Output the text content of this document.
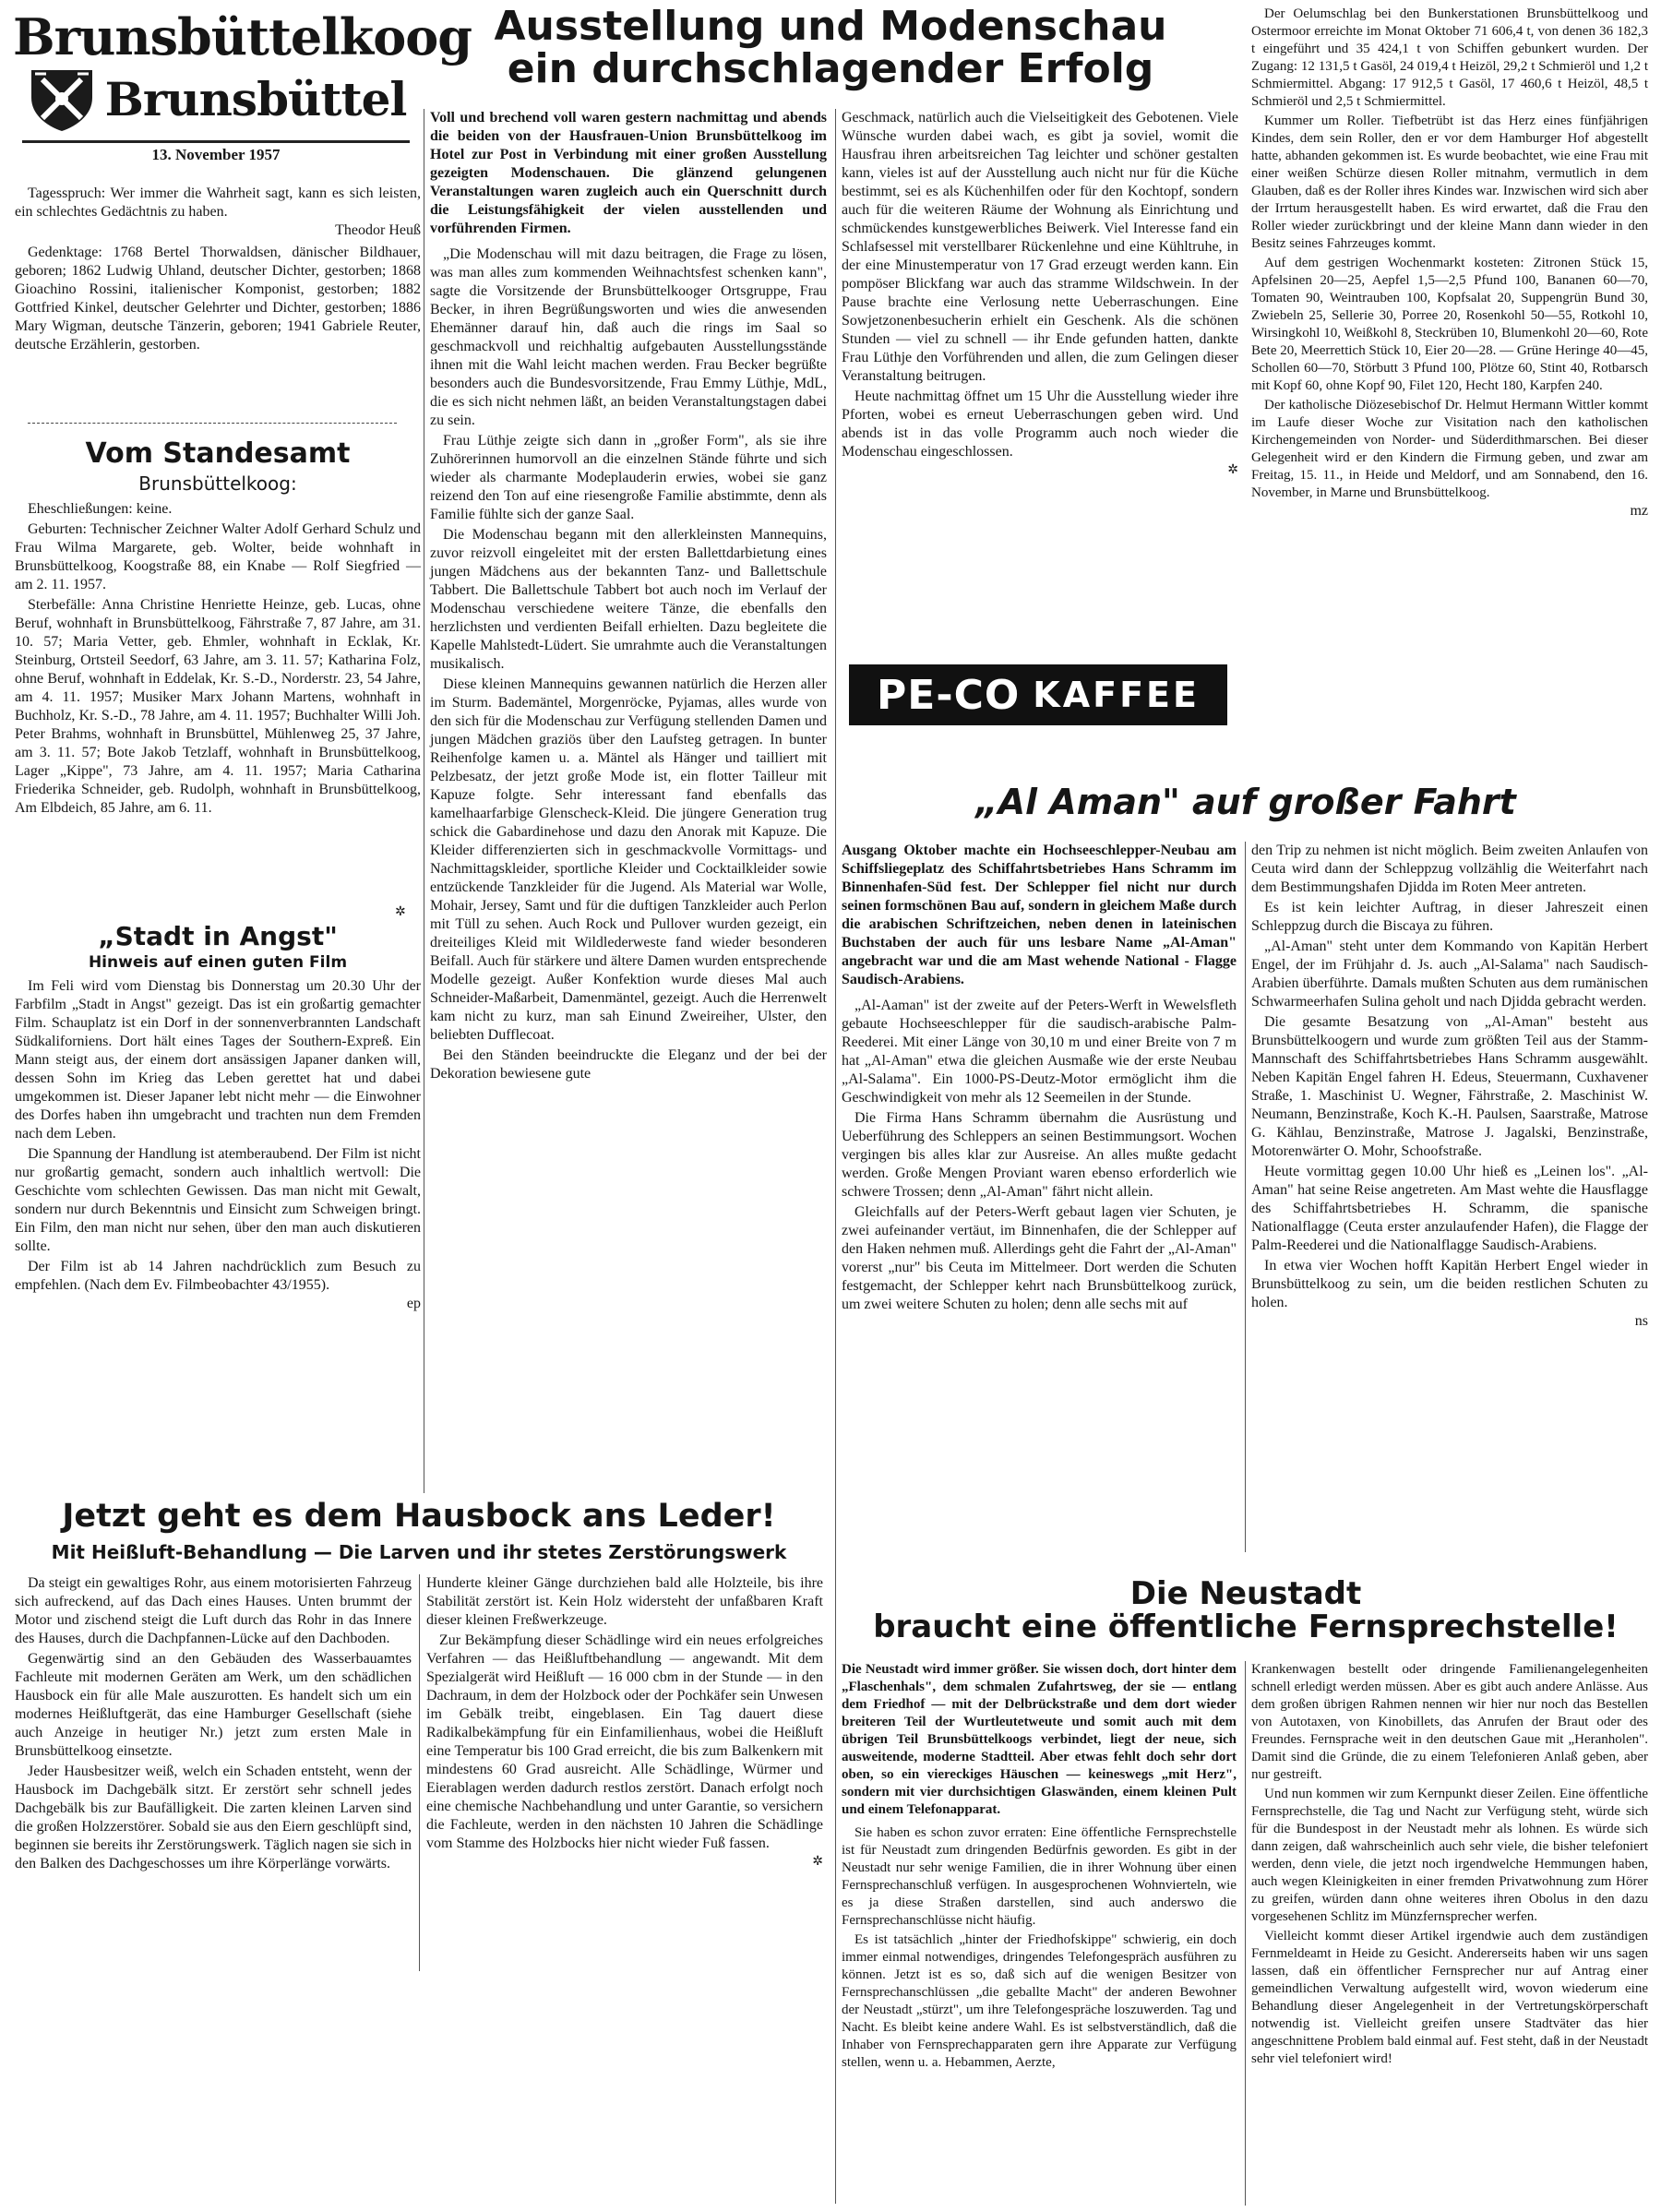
Brunsbüttelkoog
Brunsbüttel
13. November 1957

Tagesspruch: Wer immer die Wahrheit sagt, kann es sich leisten, ein schlechtes Gedächtnis zu haben.

Theodor Heuß

Gedenktage: 1768 Bertel Thorwaldsen, dänischer Bildhauer, geboren; 1862 Ludwig Uhland, deutscher Dichter, gestorben; 1868 Gioachino Rossini, italienischer Komponist, gestorben; 1882 Gottfried Kinkel, deutscher Gelehrter und Dichter, gestorben; 1886 Mary Wigman, deutsche Tänzerin, geboren; 1941 Gabriele Reuter, deutsche Erzählerin, gestorben.

Vom Standesamt
Brunsbüttelkoog:

Eheschließungen: keine.

Geburten: Technischer Zeichner Walter Adolf Gerhard Schulz und Frau Wilma Margarete, geb. Wolter, beide wohnhaft in Brunsbüttelkoog, Koogstraße 88, ein Knabe — Rolf Siegfried — am 2. 11. 1957.

Sterbefälle: Anna Christine Henriette Heinze, geb. Lucas, ohne Beruf, wohnhaft in Brunsbüttelkoog, Fährstraße 7, 87 Jahre, am 31. 10. 57; Maria Vetter, geb. Ehmler, wohnhaft in Ecklak, Kr. Steinburg, Ortsteil Seedorf, 63 Jahre, am 3. 11. 57; Katharina Folz, ohne Beruf, wohnhaft in Eddelak, Kr. S.-D., Norderstr. 23, 54 Jahre, am 4. 11. 1957; Musiker Marx Johann Martens, wohnhaft in Buchholz, Kr. S.-D., 78 Jahre, am 4. 11. 1957; Buchhalter Willi Joh. Peter Brahms, wohnhaft in Brunsbüttel, Mühlenweg 25, 37 Jahre, am 3. 11. 57; Bote Jakob Tetzlaff, wohnhaft in Brunsbüttelkoog, Lager „Kippe", 73 Jahre, am 4. 11. 1957; Maria Catharina Friederika Schneider, geb. Rudolph, wohnhaft in Brunsbüttelkoog, Am Elbdeich, 85 Jahre, am 6. 11.

✲
„Stadt in Angst"
Hinweis auf einen guten Film

Im Feli wird vom Dienstag bis Donnerstag um 20.30 Uhr der Farbfilm „Stadt in Angst" gezeigt. Das ist ein großartig gemachter Film. Schauplatz ist ein Dorf in der sonnenverbrannten Landschaft Südkaliforniens. Dort hält eines Tages der Southern-Expreß. Ein Mann steigt aus, der einem dort ansässigen Japaner danken will, dessen Sohn im Krieg das Leben gerettet hat und dabei umgekommen ist. Dieser Japaner lebt nicht mehr — die Einwohner des Dorfes haben ihn umgebracht und trachten nun dem Fremden nach dem Leben.

Die Spannung der Handlung ist atemberaubend. Der Film ist nicht nur großartig gemacht, sondern auch inhaltlich wertvoll: Die Geschichte vom schlechten Gewissen. Das man nicht mit Gewalt, sondern nur durch Bekenntnis und Einsicht zum Schweigen bringt. Ein Film, den man nicht nur sehen, über den man auch diskutieren sollte.

Der Film ist ab 14 Jahren nachdrücklich zum Besuch zu empfehlen. (Nach dem Ev. Filmbeobachter 43/1955).

ep
Ausstellung und Modenschau
ein durchschlagender Erfolg

Voll und brechend voll waren gestern nachmittag und abends die beiden von der Hausfrauen-Union Brunsbüttelkoog im Hotel zur Post in Verbindung mit einer großen Ausstellung gezeigten Modenschauen. Die glänzend gelungenen Veranstaltungen waren zugleich auch ein Querschnitt durch die Leistungsfähigkeit der vielen ausstellenden und vorführenden Firmen.

„Die Modenschau will mit dazu beitragen, die Frage zu lösen, was man alles zum kommenden Weihnachtsfest schenken kann", sagte die Vorsitzende der Brunsbüttelkooger Ortsgruppe, Frau Becker, in ihren Begrüßungsworten und wies die anwesenden Ehemänner darauf hin, daß auch die rings im Saal so geschmackvoll und reichhaltig aufgebauten Ausstellungsstände ihnen mit die Wahl leicht machen werden. Frau Becker begrüßte besonders auch die Bundesvorsitzende, Frau Emmy Lüthje, MdL, die es sich nicht nehmen läßt, an beiden Veranstaltungstagen dabei zu sein.

Frau Lüthje zeigte sich dann in „großer Form", als sie ihre Zuhörerinnen humorvoll an die einzelnen Stände führte und sich wieder als charmante Modeplauderin erwies, wobei sie ganz reizend den Ton auf eine riesengroße Familie abstimmte, denn als Familie fühlte sich der ganze Saal.

Die Modenschau begann mit den allerkleinsten Mannequins, zuvor reizvoll eingeleitet mit der ersten Ballettdarbietung eines jungen Mädchens aus der bekannten Tanz- und Ballettschule Tabbert. Die Ballettschule Tabbert bot auch noch im Verlauf der Modenschau verschiedene weitere Tänze, die ebenfalls den herzlichsten und verdienten Beifall erhielten. Dazu begleitete die Kapelle Mahlstedt-Lüdert. Sie umrahmte auch die Veranstaltungen musikalisch.

Diese kleinen Mannequins gewannen natürlich die Herzen aller im Sturm. Bademäntel, Morgenröcke, Pyjamas, alles wurde von den sich für die Modenschau zur Verfügung stellenden Damen und jungen Mädchen graziös über den Laufsteg getragen. In bunter Reihenfolge kamen u. a. Mäntel als Hänger und tailliert mit Pelzbesatz, der jetzt große Mode ist, ein flotter Tailleur mit Kapuze folgte. Sehr interessant fand ebenfalls das kamelhaarfarbige Glenscheck-Kleid. Die jüngere Generation trug schick die Gabardinehose und dazu den Anorak mit Kapuze. Die Kleider differenzierten sich in geschmackvolle Vormittags- und Nachmittagskleider, sportliche Kleider und Cocktailkleider sowie entzückende Tanzkleider für die Jugend. Als Material war Wolle, Mohair, Jersey, Samt und für die duftigen Tanzkleider auch Perlon mit Tüll zu sehen. Auch Rock und Pullover wurden gezeigt, ein dreiteiliges Kleid mit Wildlederweste fand wieder besonderen Beifall. Auch für stärkere und ältere Damen wurden entsprechende Modelle gezeigt. Außer Konfektion wurde dieses Mal auch Schneider-Maßarbeit, Damenmäntel, gezeigt. Auch die Herrenwelt kam nicht zu kurz, man sah Einund Zweireiher, Ulster, den beliebten Dufflecoat.

Bei den Ständen beeindruckte die Eleganz und der bei der Dekoration bewiesene gute

Geschmack, natürlich auch die Vielseitigkeit des Gebotenen. Viele Wünsche wurden dabei wach, es gibt ja soviel, womit die Hausfrau ihren arbeitsreichen Tag leichter und schöner gestalten kann, vieles ist auf der Ausstellung auch nicht nur für die Küche bestimmt, sei es als Küchenhilfen oder für den Kochtopf, sondern auch für die weiteren Räume der Wohnung als Einrichtung und schmückendes kunstgewerbliches Beiwerk. Viel Interesse fand ein Schlafsessel mit verstellbarer Rückenlehne und eine Kühltruhe, in der eine Minustemperatur von 17 Grad erzeugt werden kann. Ein pompöser Blickfang war auch das stramme Wildschwein. In der Pause brachte eine Verlosung nette Ueberraschungen. Eine Sowjetzonenbesucherin erhielt ein Geschenk. Als die schönen Stunden — viel zu schnell — ihr Ende gefunden hatten, dankte Frau Lüthje den Vorführenden und allen, die zum Gelingen dieser Veranstaltung beitrugen.

Heute nachmittag öffnet um 15 Uhr die Ausstellung wieder ihre Pforten, wobei es erneut Ueberraschungen geben wird. Und abends ist in das volle Programm auch noch wieder die Modenschau eingeschlossen.

✲

Der Oelumschlag bei den Bunkerstationen Brunsbüttelkoog und Ostermoor erreichte im Monat Oktober 71 606,4 t, von denen 36 182,3 t eingeführt und 35 424,1 t von Schiffen gebunkert wurden. Der Zugang: 12 131,5 t Gasöl, 24 019,4 t Heizöl, 29,2 t Schmieröl und 1,2 t Schmiermittel. Abgang: 17 912,5 t Gasöl, 17 460,6 t Heizöl, 48,5 t Schmieröl und 2,5 t Schmiermittel.

Kummer um Roller. Tiefbetrübt ist das Herz eines fünfjährigen Kindes, dem sein Roller, den er vor dem Hamburger Hof abgestellt hatte, abhanden gekommen ist. Es wurde beobachtet, wie eine Frau mit einer weißen Schürze diesen Roller mitnahm, vermutlich in dem Glauben, daß es der Roller ihres Kindes war. Inzwischen wird sich aber der Irrtum herausgestellt haben. Es wird erwartet, daß die Frau den Roller wieder zurückbringt und der kleine Mann dann wieder in den Besitz seines Fahrzeuges kommt.

Auf dem gestrigen Wochenmarkt kosteten: Zitronen Stück 15, Apfelsinen 20—25, Aepfel 1,5—2,5 Pfund 100, Bananen 60—70, Tomaten 90, Weintrauben 100, Kopfsalat 20, Suppengrün Bund 30, Zwiebeln 25, Sellerie 30, Porree 20, Rosenkohl 50—55, Rotkohl 10, Wirsingkohl 10, Weißkohl 8, Steckrüben 10, Blumenkohl 20—60, Rote Bete 20, Meerrettich Stück 10, Eier 20—28. — Grüne Heringe 40—45, Schollen 60—70, Störbutt 3 Pfund 100, Plötze 60, Stint 40, Rotbarsch mit Kopf 60, ohne Kopf 90, Filet 120, Hecht 180, Karpfen 240.

Der katholische Diözesebischof Dr. Helmut Hermann Wittler kommt im Laufe dieser Woche zur Visitation nach den katholischen Kirchengemeinden von Norder- und Süderdithmarschen. Bei dieser Gelegenheit wird er den Kindern die Firmung geben, und zwar am Freitag, 15. 11., in Heide und Meldorf, und am Sonnabend, den 16. November, in Marne und Brunsbüttelkoog.

mz
PE-CO KAFFEE
„Al Aman" auf großer Fahrt

Ausgang Oktober machte ein Hochseeschlepper-Neubau am Schiffsliegeplatz des Schiffahrtsbetriebes Hans Schramm im Binnenhafen-Süd fest. Der Schlepper fiel nicht nur durch seinen formschönen Bau auf, sondern in gleichem Maße durch die arabischen Schriftzeichen, neben denen in lateinischen Buchstaben der auch für uns lesbare Name „Al-Aman" angebracht war und die am Mast wehende National - Flagge Saudisch-Arabiens.

„Al-Aaman" ist der zweite auf der Peters-Werft in Wewelsfleth gebaute Hochseeschlepper für die saudisch-arabische Palm-Reederei. Mit einer Länge von 30,10 m und einer Breite von 7 m hat „Al-Aman" etwa die gleichen Ausmaße wie der erste Neubau „Al-Salama". Ein 1000-PS-Deutz-Motor ermöglicht ihm die Geschwindigkeit von mehr als 12 Seemeilen in der Stunde.

Die Firma Hans Schramm übernahm die Ausrüstung und Ueberführung des Schleppers an seinen Bestimmungsort. Wochen vergingen bis alles klar zur Ausreise. An alles mußte gedacht werden. Große Mengen Proviant waren ebenso erforderlich wie schwere Trossen; denn „Al-Aman" fährt nicht allein.

Gleichfalls auf der Peters-Werft gebaut lagen vier Schuten, je zwei aufeinander vertäut, im Binnenhafen, die der Schlepper auf den Haken nehmen muß. Allerdings geht die Fahrt der „Al-Aman" vorerst „nur" bis Ceuta im Mittelmeer. Dort werden die Schuten festgemacht, der Schlepper kehrt nach Brunsbüttelkoog zurück, um zwei weitere Schuten zu holen; denn alle sechs mit auf

den Trip zu nehmen ist nicht möglich. Beim zweiten Anlaufen von Ceuta wird dann der Schleppzug vollzählig die Weiterfahrt nach dem Bestimmungshafen Djidda im Roten Meer antreten.

Es ist kein leichter Auftrag, in dieser Jahreszeit einen Schleppzug durch die Biscaya zu führen.

„Al-Aman" steht unter dem Kommando von Kapitän Herbert Engel, der im Frühjahr d. Js. auch „Al-Salama" nach Saudisch-Arabien überführte. Damals mußten Schuten aus dem rumänischen Schwarmeerhafen Sulina geholt und nach Djidda gebracht werden.

Die gesamte Besatzung von „Al-Aman" besteht aus Brunsbüttelkoogern und wurde zum größten Teil aus der Stamm-Mannschaft des Schiffahrtsbetriebes Hans Schramm ausgewählt. Neben Kapitän Engel fahren H. Edeus, Steuermann, Cuxhavener Straße, 1. Maschinist U. Wegner, Fährstraße, 2. Maschinist W. Neumann, Benzinstraße, Koch K.-H. Paulsen, Saarstraße, Matrose G. Kählau, Benzinstraße, Matrose J. Jagalski, Benzinstraße, Motorenwärter O. Mohr, Schoofstraße.

Heute vormittag gegen 10.00 Uhr hieß es „Leinen los". „Al-Aman" hat seine Reise angetreten. Am Mast wehte die Hausflagge des Schiffahrtsbetriebes H. Schramm, die spanische Nationalflagge (Ceuta erster anzulaufender Hafen), die Flagge der Palm-Reederei und die Nationalflagge Saudisch-Arabiens.

In etwa vier Wochen hofft Kapitän Herbert Engel wieder in Brunsbüttelkoog zu sein, um die beiden restlichen Schuten zu holen.

ns
Jetzt geht es dem Hausbock ans Leder!
Mit Heißluft-Behandlung — Die Larven und ihr stetes Zerstörungswerk

Da steigt ein gewaltiges Rohr, aus einem motorisierten Fahrzeug sich aufreckend, auf das Dach eines Hauses. Unten brummt der Motor und zischend steigt die Luft durch das Rohr in das Innere des Hauses, durch die Dachpfannen-Lücke auf den Dachboden.

Gegenwärtig sind an den Gebäuden des Wasserbauamtes Fachleute mit modernen Geräten am Werk, um den schädlichen Hausbock ein für alle Male auszurotten. Es handelt sich um ein modernes Heißluftgerät, das eine Hamburger Gesellschaft (siehe auch Anzeige in heutiger Nr.) jetzt zum ersten Male in Brunsbüttelkoog einsetzte.

Jeder Hausbesitzer weiß, welch ein Schaden entsteht, wenn der Hausbock im Dachgebälk sitzt. Er zerstört sehr schnell jedes Dachgebälk bis zur Baufälligkeit. Die zarten kleinen Larven sind die großen Holzzerstörer. Sobald sie aus den Eiern geschlüpft sind, beginnen sie bereits ihr Zerstörungswerk. Täglich nagen sie sich in den Balken des Dachgeschosses um ihre Körperlänge vorwärts.

Hunderte kleiner Gänge durchziehen bald alle Holzteile, bis ihre Stabilität zerstört ist. Kein Holz widersteht der unfaßbaren Kraft dieser kleinen Freßwerkzeuge.

Zur Bekämpfung dieser Schädlinge wird ein neues erfolgreiches Verfahren — das Heißluftbehandlung — angewandt. Mit dem Spezialgerät wird Heißluft — 16 000 cbm in der Stunde — in den Dachraum, in dem der Holzbock oder der Pochkäfer sein Unwesen im Gebälk treibt, eingeblasen. Ein Tag dauert diese Radikalbekämpfung für ein Einfamilienhaus, wobei die Heißluft eine Temperatur bis 100 Grad erreicht, die bis zum Balkenkern mit mindestens 60 Grad ausreicht. Alle Schädlinge, Würmer und Eierablagen werden dadurch restlos zerstört. Danach erfolgt noch eine chemische Nachbehandlung und unter Garantie, so versichern die Fachleute, werden in den nächsten 10 Jahren die Schädlinge vom Stamme des Holzbocks hier nicht wieder Fuß fassen.

✲
Die Neustadt
braucht eine öffentliche Fernsprechstelle!

Die Neustadt wird immer größer. Sie wissen doch, dort hinter dem „Flaschenhals", dem schmalen Zufahrtsweg, der sie — entlang dem Friedhof — mit der Delbrückstraße und dem dort wieder breiteren Teil der Wurtleutetweute und somit auch mit dem übrigen Teil Brunsbüttelkoogs verbindet, liegt der neue, sich ausweitende, moderne Stadtteil. Aber etwas fehlt doch sehr dort oben, so ein viereckiges Häuschen — keineswegs „mit Herz", sondern mit vier durchsichtigen Glaswänden, einem kleinen Pult und einem Telefonapparat.

Sie haben es schon zuvor erraten: Eine öffentliche Fernsprechstelle ist für Neustadt zum dringenden Bedürfnis geworden. Es gibt in der Neustadt nur sehr wenige Familien, die in ihrer Wohnung über einen Fernsprechanschluß verfügen. In ausgesprochenen Wohnvierteln, wie es ja diese Straßen darstellen, sind auch anderswo die Fernsprechanschlüsse nicht häufig.

Es ist tatsächlich „hinter der Friedhofskippe" schwierig, ein doch immer einmal notwendiges, dringendes Telefongespräch ausführen zu können. Jetzt ist es so, daß sich auf die wenigen Besitzer von Fernsprechanschlüssen „die geballte Macht" der anderen Bewohner der Neustadt „stürzt", um ihre Telefongespräche loszuwerden. Tag und Nacht. Es bleibt keine andere Wahl. Es ist selbstverständlich, daß die Inhaber von Fernsprechapparaten gern ihre Apparate zur Verfügung stellen, wenn u. a. Hebammen, Aerzte,

Krankenwagen bestellt oder dringende Familienangelegenheiten schnell erledigt werden müssen. Aber es gibt auch andere Anlässe. Aus dem großen übrigen Rahmen nennen wir hier nur noch das Bestellen von Autotaxen, von Kinobillets, das Anrufen der Braut oder des Freundes. Fernsprache weit in den deutschen Gaue mit „Heranholen". Damit sind die Gründe, die zu einem Telefonieren Anlaß geben, aber nur gestreift.

Und nun kommen wir zum Kernpunkt dieser Zeilen. Eine öffentliche Fernsprechstelle, die Tag und Nacht zur Verfügung steht, würde sich für die Bundespost in der Neustadt mehr als lohnen. Es würde sich dann zeigen, daß wahrscheinlich auch sehr viele, die bisher telefoniert werden, denn viele, die jetzt noch irgendwelche Hemmungen haben, auch wegen Kleinigkeiten in einer fremden Privatwohnung zum Hörer zu greifen, würden dann ohne weiteres ihren Obolus in den dazu vorgesehenen Schlitz im Münzfernsprecher werfen.

Vielleicht kommt dieser Artikel irgendwie auch dem zuständigen Fernmeldeamt in Heide zu Gesicht. Andererseits haben wir uns sagen lassen, daß ein öffentlicher Fernsprecher nur auf Antrag einer gemeindlichen Verwaltung aufgestellt wird, wovon wiederum eine Behandlung dieser Angelegenheit in der Vertretungskörperschaft notwendig ist. Vielleicht greifen unsere Stadtväter das hier angeschnittene Problem bald einmal auf. Fest steht, daß in der Neustadt sehr viel telefoniert wird!
